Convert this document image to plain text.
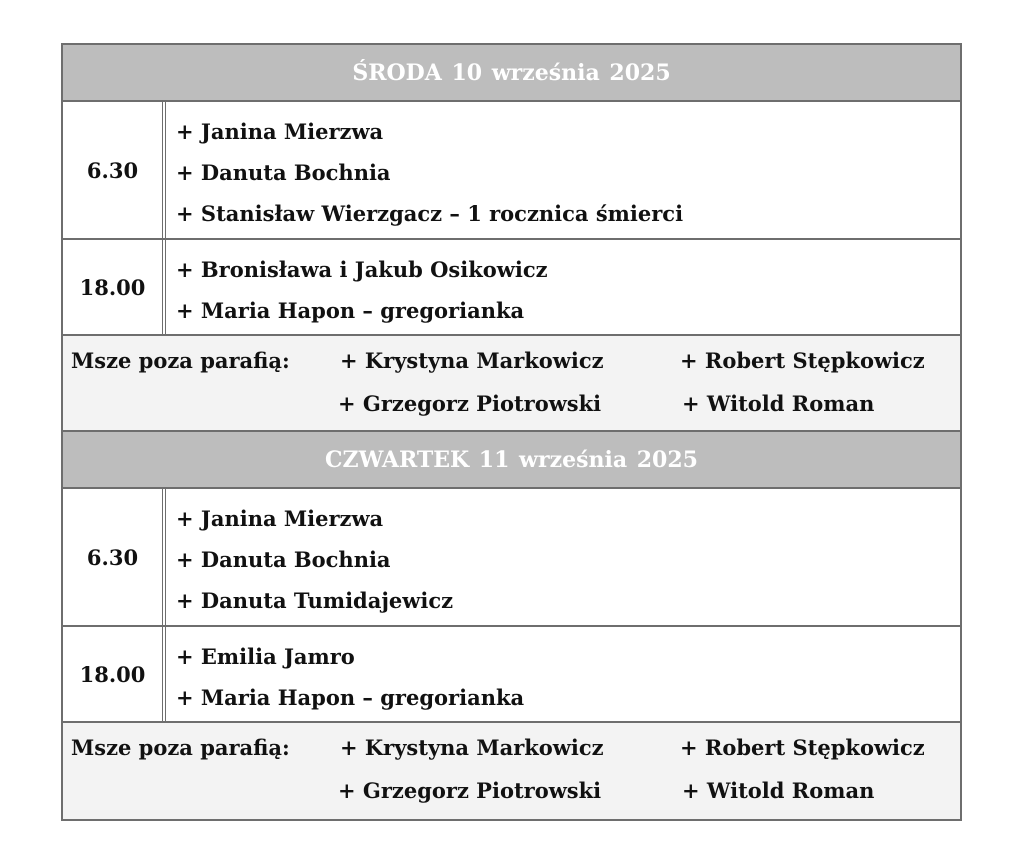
ŚRODA 10 września 2025
6.30
+ Janina Mierzwa
+ Danuta Bochnia
+ Stanisław Wierzgacz – 1 rocznica śmierci
18.00
+ Bronisława i Jakub Osikowicz
+ Maria Hapon – gregorianka
Msze poza parafią: + Krystyna Markowicz	+ Robert Stępkowicz
+ Grzegorz Piotrowski	+ Witold Roman
CZWARTEK 11 września 2025
6.30
+ Janina Mierzwa
+ Danuta Bochnia
+ Danuta Tumidajewicz
18.00
+ Emilia Jamro
+ Maria Hapon – gregorianka
Msze poza parafią: + Krystyna Markowicz	+ Robert Stępkowicz
+ Grzegorz Piotrowski	+ Witold Roman
